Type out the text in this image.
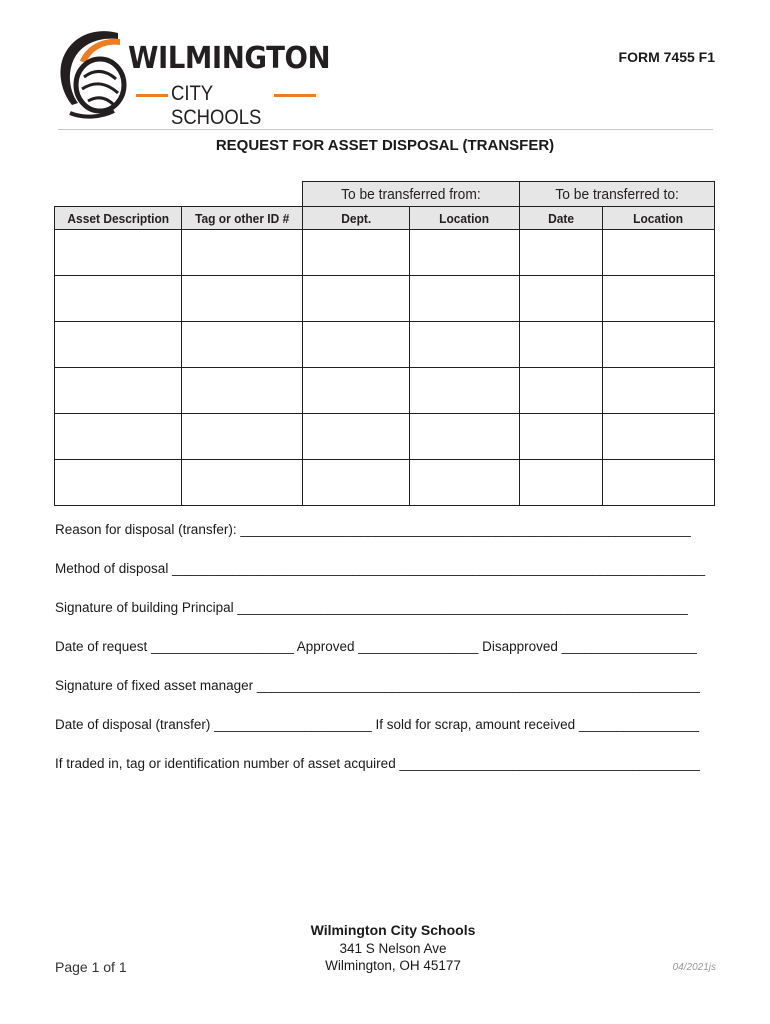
WILMINGTON
CITY SCHOOLS
FORM 7455 F1
REQUEST FOR ASSET DISPOSAL (TRANSFER)
		To be transferred from:		To be transferred to:	
Asset Description	Tag or other ID #	Dept.	Location	Date	Location

Reason for disposal (transfer): ____________________________________________________________
Method of disposal _______________________________________________________________________
Signature of building Principal ____________________________________________________________
Date of request ___________________ Approved ________________ Disapproved __________________
Signature of fixed asset manager ___________________________________________________________
Date of disposal (transfer) _____________________ If sold for scrap, amount received ________________
If traded in, tag or identification number of asset acquired ________________________________________
Wilmington City Schools
341 S Nelson Ave
Wilmington, OH 45177
Page 1 of 1	04/2021js
